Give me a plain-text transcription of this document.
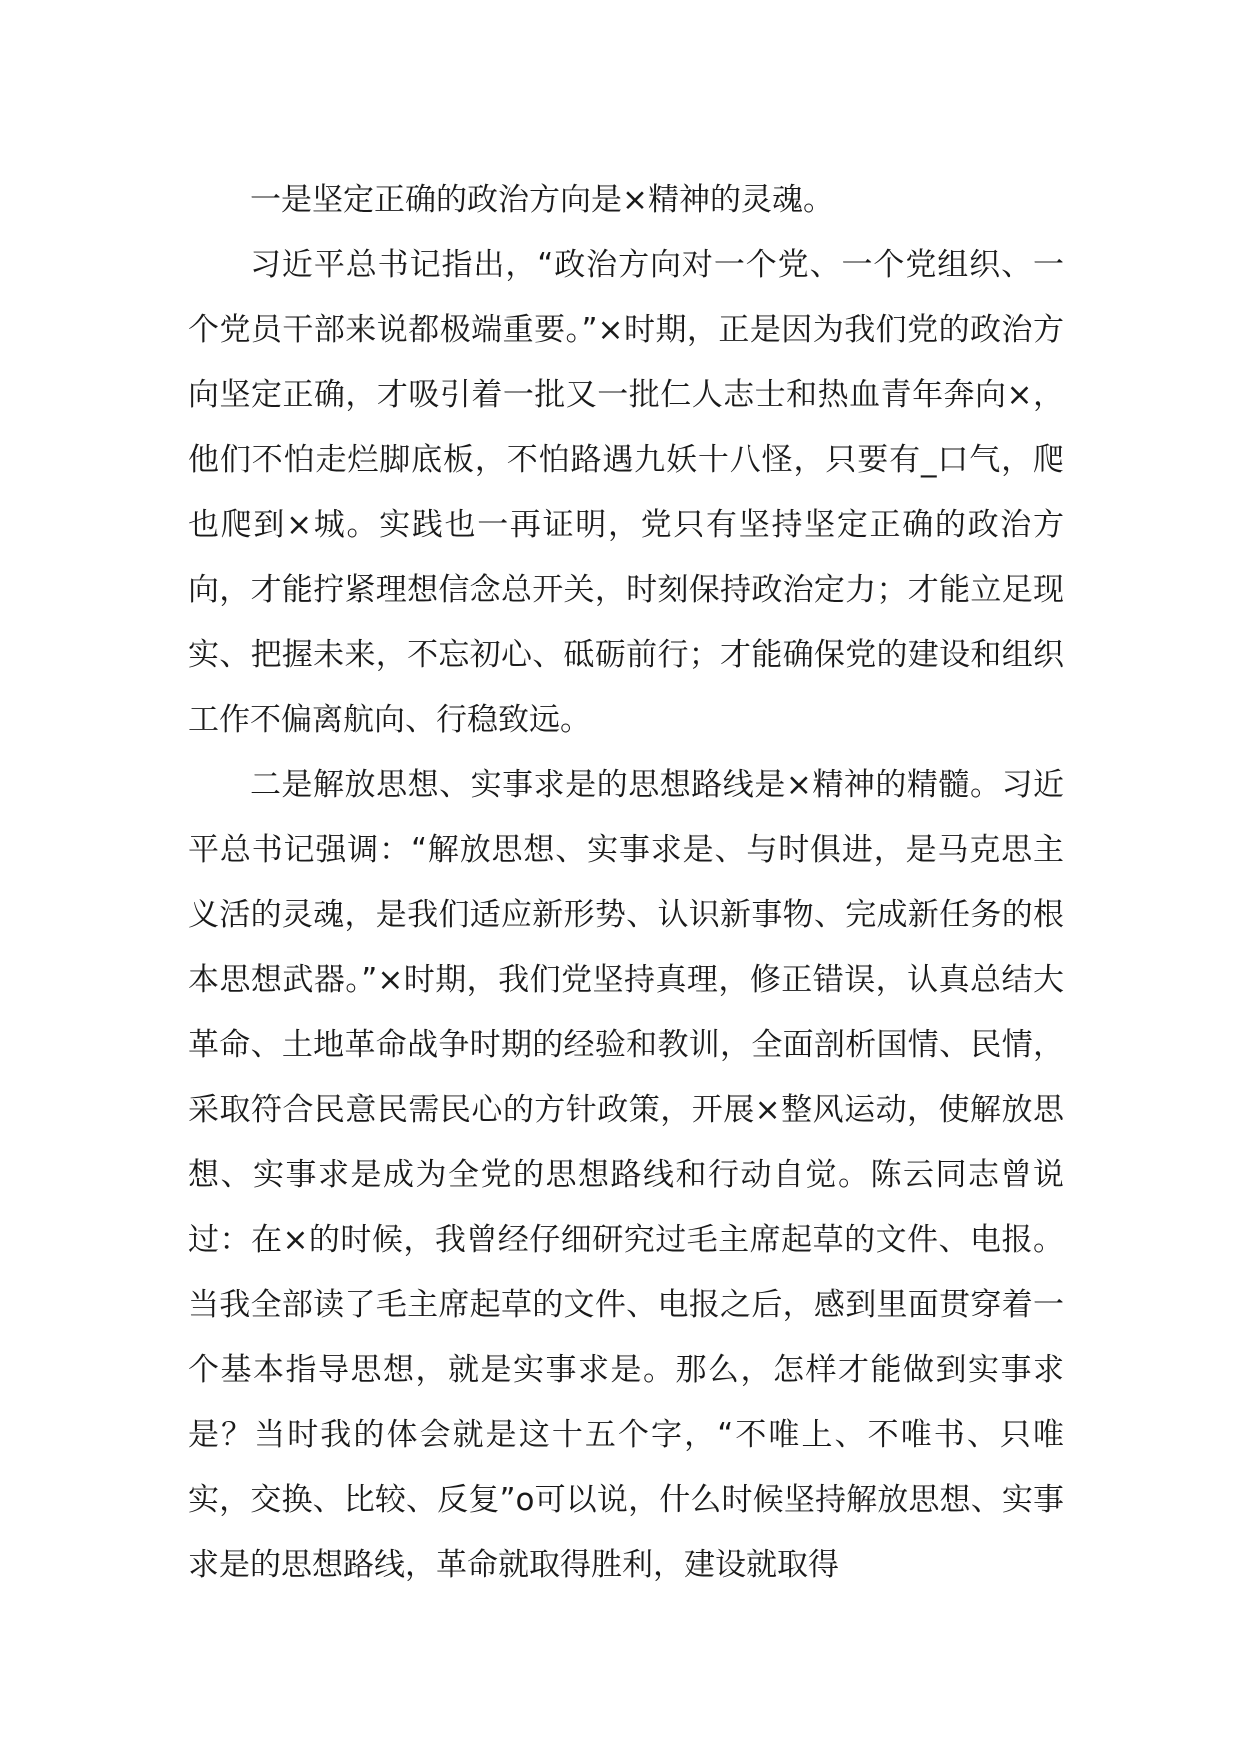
一是坚定正确的政治方向是×精神的灵魂。

习近平总书记指出，“政治方向对一个党、一个党组织、一个党员干部来说都极端重要。”×时期，正是因为我们党的政治方向坚定正确，才吸引着一批又一批仁人志士和热血青年奔向×，他们不怕走烂脚底板，不怕路遇九妖十八怪，只要有_口气，爬也爬到×城。实践也一再证明，党只有坚持坚定正确的政治方向，才能拧紧理想信念总开关，时刻保持政治定力；才能立足现实、把握未来，不忘初心、砥砺前行；才能确保党的建设和组织工作不偏离航向、行稳致远。

二是解放思想、实事求是的思想路线是×精神的精髓。习近平总书记强调：“解放思想、实事求是、与时俱进，是马克思主义活的灵魂，是我们适应新形势、认识新事物、完成新任务的根本思想武器。”×时期，我们党坚持真理，修正错误，认真总结大革命、土地革命战争时期的经验和教训，全面剖析国情、民情，采取符合民意民需民心的方针政策，开展×整风运动，使解放思想、实事求是成为全党的思想路线和行动自觉。陈云同志曾说过：在×的时候，我曾经仔细研究过毛主席起草的文件、电报。当我全部读了毛主席起草的文件、电报之后，感到里面贯穿着一个基本指导思想，就是实事求是。那么，怎样才能做到实事求是？当时我的体会就是这十五个字，“不唯上、不唯书、只唯实，交换、比较、反复”o可以说，什么时候坚持解放思想、实事求是的思想路线，革命就取得胜利，建设就取得
